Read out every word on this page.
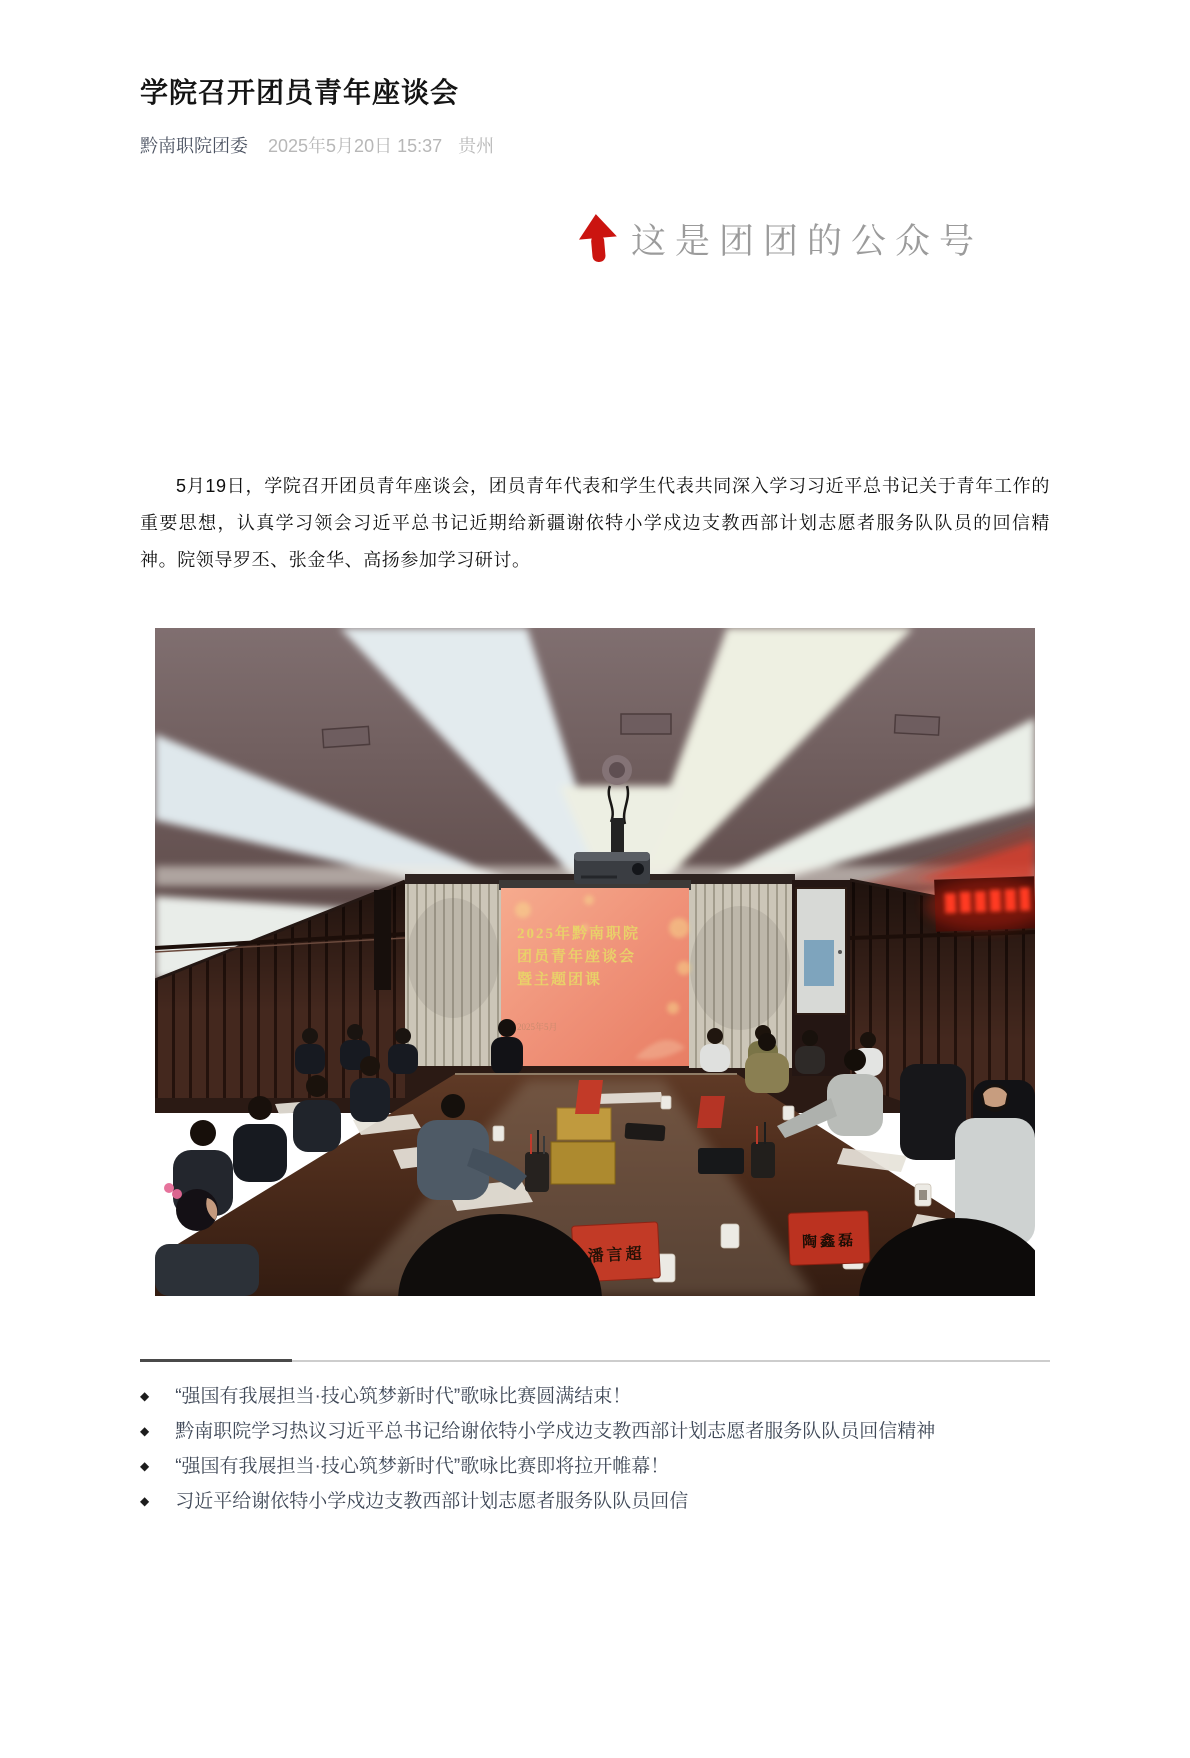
学院召开团员青年座谈会
黔南职院团委 2025年5月20日 15:37 贵州
这是团团的公众号

5月19日，学院召开团员青年座谈会，团员青年代表和学生代表共同深入学习习近平总书记关于青年工作的重要思想，认真学习领会习近平总书记近期给新疆谢依特小学戍边支教西部计划志愿者服务队队员的回信精神。院领导罗丕、张金华、高扬参加学习研讨。

2025年黔南职院
团员青年座谈会
暨主题团课
2025年5月
潘言超
陶鑫磊
◆ “强国有我展担当·技心筑梦新时代”歌咏比赛圆满结束！
◆ 黔南职院学习热议习近平总书记给谢依特小学戍边支教西部计划志愿者服务队队员回信精神
◆ “强国有我展担当·技心筑梦新时代”歌咏比赛即将拉开帷幕！
◆ 习近平给谢依特小学戍边支教西部计划志愿者服务队队员回信
